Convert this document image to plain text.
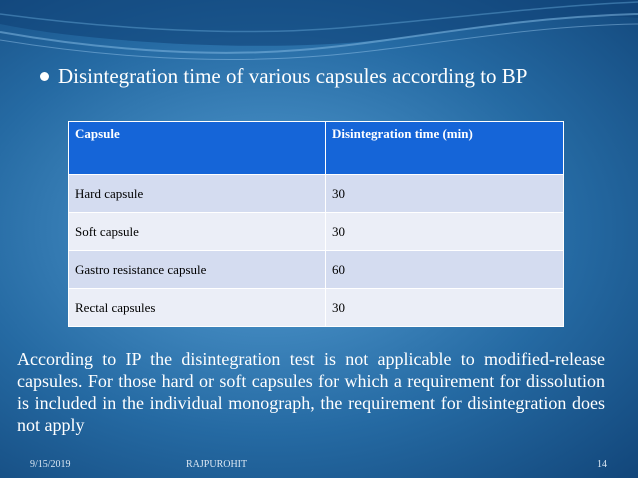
Disintegration time of various capsules according to BP
Capsule	Disintegration time (min)
Hard capsule	30
Soft capsule	30
Gastro resistance capsule	60
Rectal capsules	30
According to IP the disintegration test is not applicable to modified-release capsules. For those hard or soft capsules for which a requirement for dissolution is included in the individual monograph, the requirement for disintegration does not apply
9/15/2019	RAJPUROHIT	14
